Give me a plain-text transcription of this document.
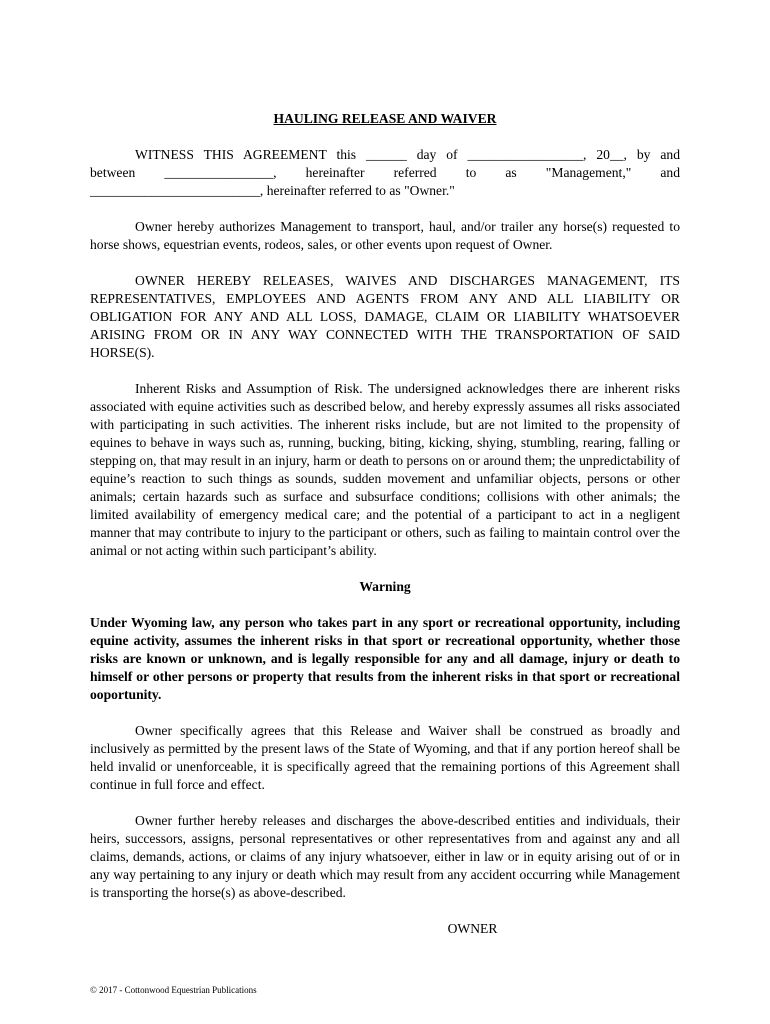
HAULING RELEASE AND WAIVER

WITNESS THIS AGREEMENT this ______ day of _________________, 20__, by and

between ________________, hereinafter referred to as "Management," and

_________________________, hereinafter referred to as "Owner."

Owner hereby authorizes Management to transport, haul, and/or trailer any horse(s) requested to horse shows, equestrian events, rodeos, sales, or other events upon request of Owner.

OWNER HEREBY RELEASES, WAIVES AND DISCHARGES MANAGEMENT, ITS REPRESENTATIVES, EMPLOYEES AND AGENTS FROM ANY AND ALL LIABILITY OR OBLIGATION FOR ANY AND ALL LOSS, DAMAGE, CLAIM OR LIABILITY WHATSOEVER ARISING FROM OR IN ANY WAY CONNECTED WITH THE TRANSPORTATION OF SAID HORSE(S).

Inherent Risks and Assumption of Risk. The undersigned acknowledges there are inherent risks associated with equine activities such as described below, and hereby expressly assumes all risks associated with participating in such activities. The inherent risks include, but are not limited to the propensity of equines to behave in ways such as, running, bucking, biting, kicking, shying, stumbling, rearing, falling or stepping on, that may result in an injury, harm or death to persons on or around them; the unpredictability of equine’s reaction to such things as sounds, sudden movement and unfamiliar objects, persons or other animals; certain hazards such as surface and subsurface conditions; collisions with other animals; the limited availability of emergency medical care; and the potential of a participant to act in a negligent manner that may contribute to injury to the participant or others, such as failing to maintain control over the animal or not acting within such participant’s ability.

Warning

Under Wyoming law, any person who takes part in any sport or recreational opportunity, including equine activity, assumes the inherent risks in that sport or recreational opportunity, whether those risks are known or unknown, and is legally responsible for any and all damage, injury or death to himself or other persons or property that results from the inherent risks in that sport or recreational ooportunity.

Owner specifically agrees that this Release and Waiver shall be construed as broadly and inclusively as permitted by the present laws of the State of Wyoming, and that if any portion hereof shall be held invalid or unenforceable, it is specifically agreed that the remaining portions of this Agreement shall continue in full force and effect.

Owner further hereby releases and discharges the above-described entities and individuals, their heirs, successors, assigns, personal representatives or other representatives from and against any and all claims, demands, actions, or claims of any injury whatsoever, either in law or in equity arising out of or in any way pertaining to any injury or death which may result from any accident occurring while Management is transporting the horse(s) as above-described.

OWNER
© 2017 - Cottonwood Equestrian Publications
